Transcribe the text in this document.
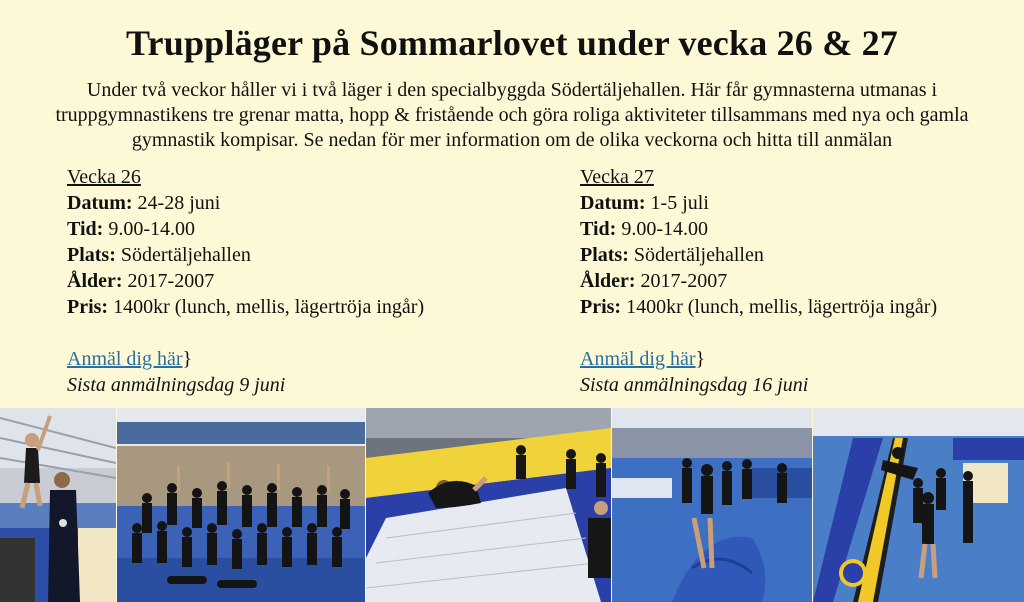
Truppläger på Sommarlovet under vecka 26 & 27
Under två veckor håller vi i två läger i den specialbyggda Södertäljehallen. Här får gymnasterna utmanas i truppgymnastikens tre grenar matta, hopp & fristående och göra roliga aktiviteter tillsammans med nya och gamla gymnastik kompisar. Se nedan för mer information om de olika veckorna och hitta till anmälan
Vecka 26
Datum: 24-28 juni
Tid: 9.00-14.00
Plats: Södertäljehallen
Ålder: 2017-2007
Pris: 1400kr (lunch, mellis, lägertröja ingår)
Anmäl dig här}
Sista anmälningsdag 9 juni
Vecka 27
Datum: 1-5 juli
Tid: 9.00-14.00
Plats: Södertäljehallen
Ålder: 2017-2007
Pris: 1400kr (lunch, mellis, lägertröja ingår)
Anmäl dig här}
Sista anmälningsdag 16 juni
